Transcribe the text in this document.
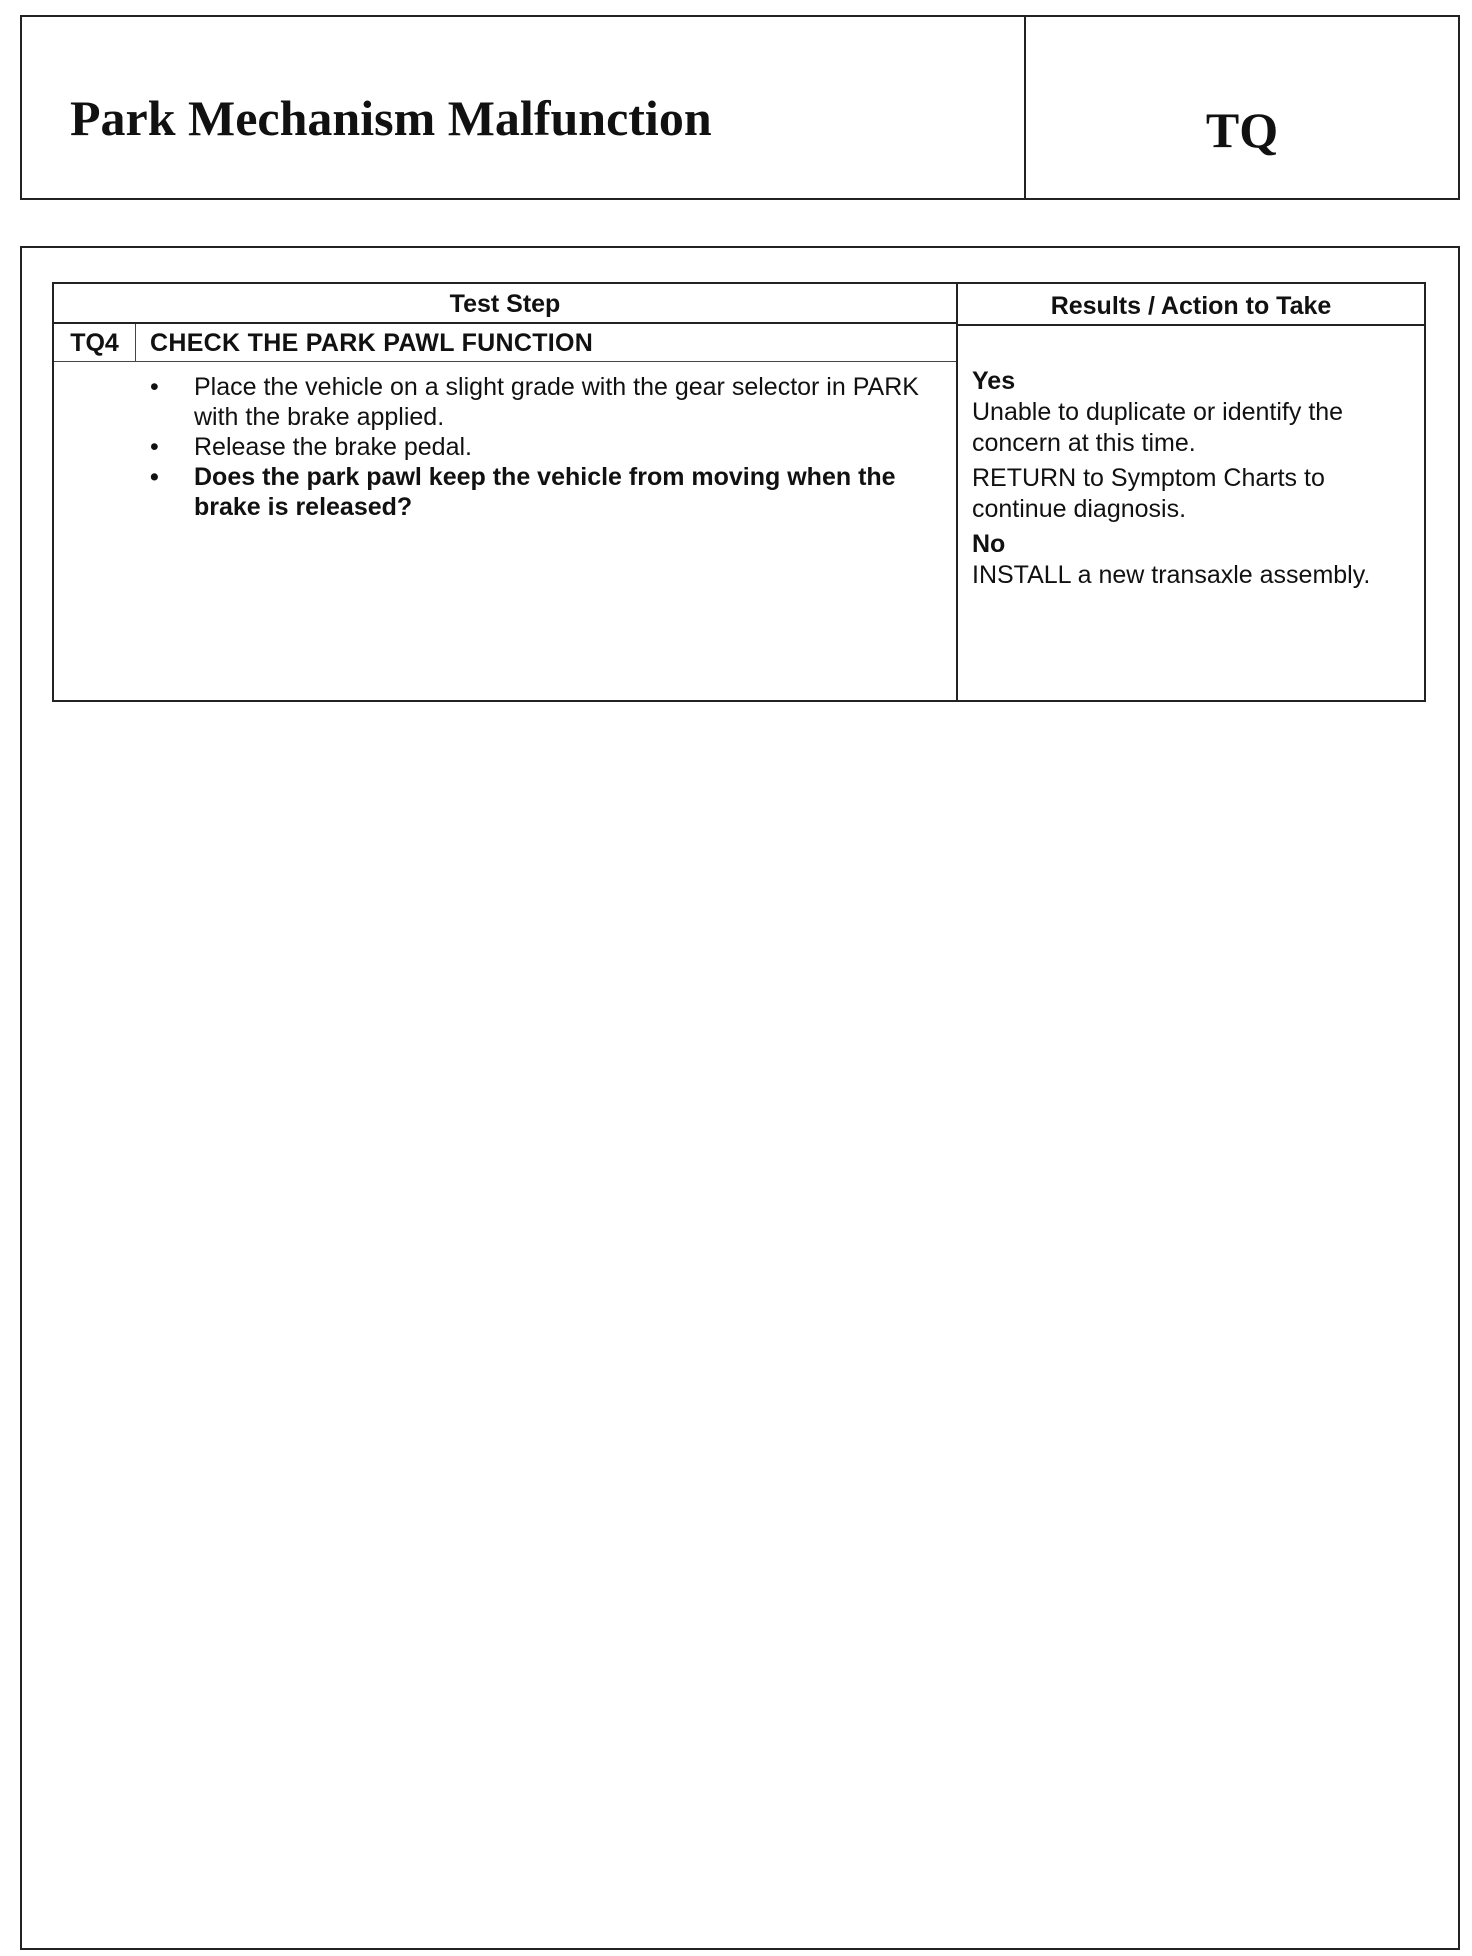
Park Mechanism Malfunction	TQ
Test Step
TQ4	CHECK THE PARK PAWL FUNCTION
• Place the vehicle on a slight grade with the gear selector in PARK with the brake applied.
• Release the brake pedal.
• Does the park pawl keep the vehicle from moving when the brake is released?
Results / Action to Take

Yes

Unable to duplicate or identify the concern at this time.

RETURN to Symptom Charts to continue diagnosis.

No

INSTALL a new transaxle assembly.
